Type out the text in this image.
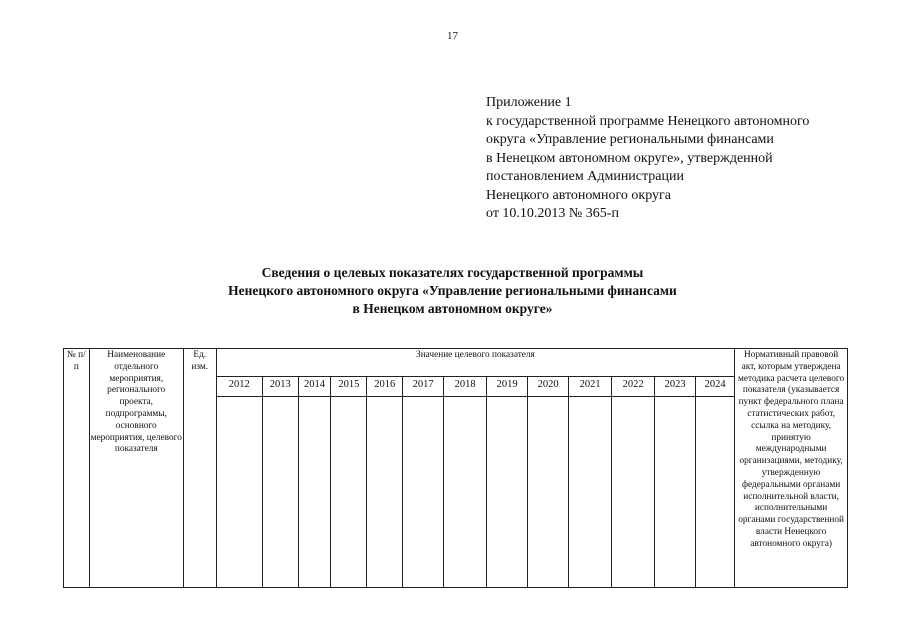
17
Приложение 1
к государственной программе Ненецкого автономного
округа «Управление региональными финансами
в Ненецком автономном округе», утвержденной
постановлением Администрации
Ненецкого автономного округа
от 10.10.2013 № 365-п
Сведения о целевых показателях государственной программы
Ненецкого автономного округа «Управление региональными финансами
в Ненецком автономном округе»
№ п/п	Наименование отдельного мероприятия, регионального проекта, подпрограммы, основного мероприятия, целевого показателя	Ед. изм.	Значение целевого показателя													Нормативный правовой акт, которым утверждена методика расчета целевого показателя (указывается пункт федерального плана статистических работ, ссылка на методику, принятую международными организациями, методику, утвержденную федеральными органами исполнительной власти, исполнительными органами государственной власти Ненецкого автономного округа)

			2012	2013	2014	2015	2016	2017	2018	2019	2020	2021	2022	2023	2024	
